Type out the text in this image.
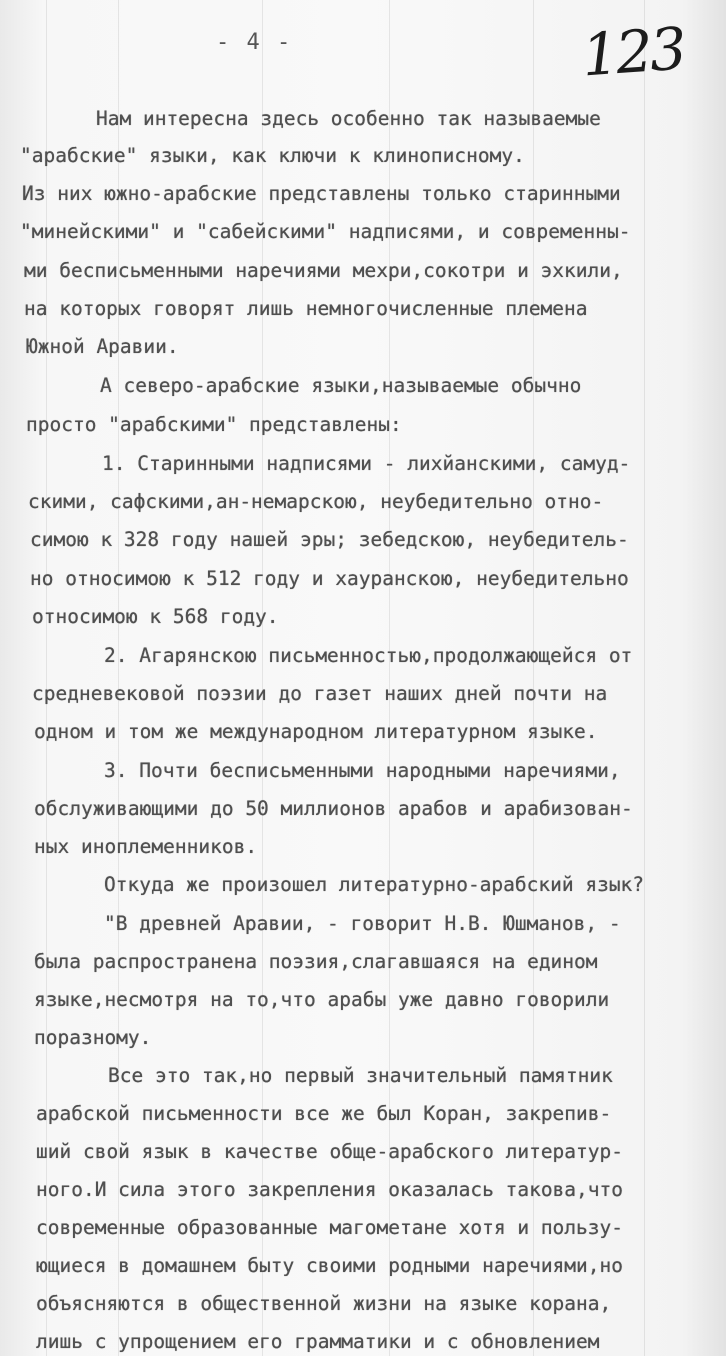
- 4 -	123
Нам интересна здесь особенно так называемые
"арабские" языки, как ключи к клинописному.
Из них южно-арабские представлены только старинными
"минейскими" и "сабейскими" надписями, и современны-
ми бесписьменными наречиями мехри,сокотри и эхкили,
на которых говорят лишь немногочисленные племена
Южной Аравии.
А северо-арабские языки,называемые обычно
просто "арабскими" представлены:
1. Старинными надписями - лихйанскими, самуд-
скими, сафскими,ан-немарскою, неубедительно отно-
симою к 328 году нашей эры; зебедскою, неубедитель-
но относимою к 512 году и хауранскою, неубедительно
относимою к 568 году.
2. Агарянскою письменностью,продолжающейся от
средневековой поэзии до газет наших дней почти на
одном и том же международном литературном языке.
3. Почти бесписьменными народными наречиями,
обслуживающими до 50 миллионов арабов и арабизован-
ных иноплеменников.
Откуда же произошел литературно-арабский язык?
"В древней Аравии, - говорит Н.В. Юшманов, -
была распространена поэзия,слагавшаяся на едином
языке,несмотря на то,что арабы уже давно говорили
поразному.
Все это так,но первый значительный памятник
арабской письменности все же был Коран, закрепив-
ший свой язык в качестве обще-арабского литератур-
ного.И сила этого закрепления оказалась такова,что
современные образованные магометане хотя и пользу-
ющиеся в домашнем быту своими родными наречиями,но
объясняются в общественной жизни на языке корана,
лишь с упрощением его грамматики и с обновлением
